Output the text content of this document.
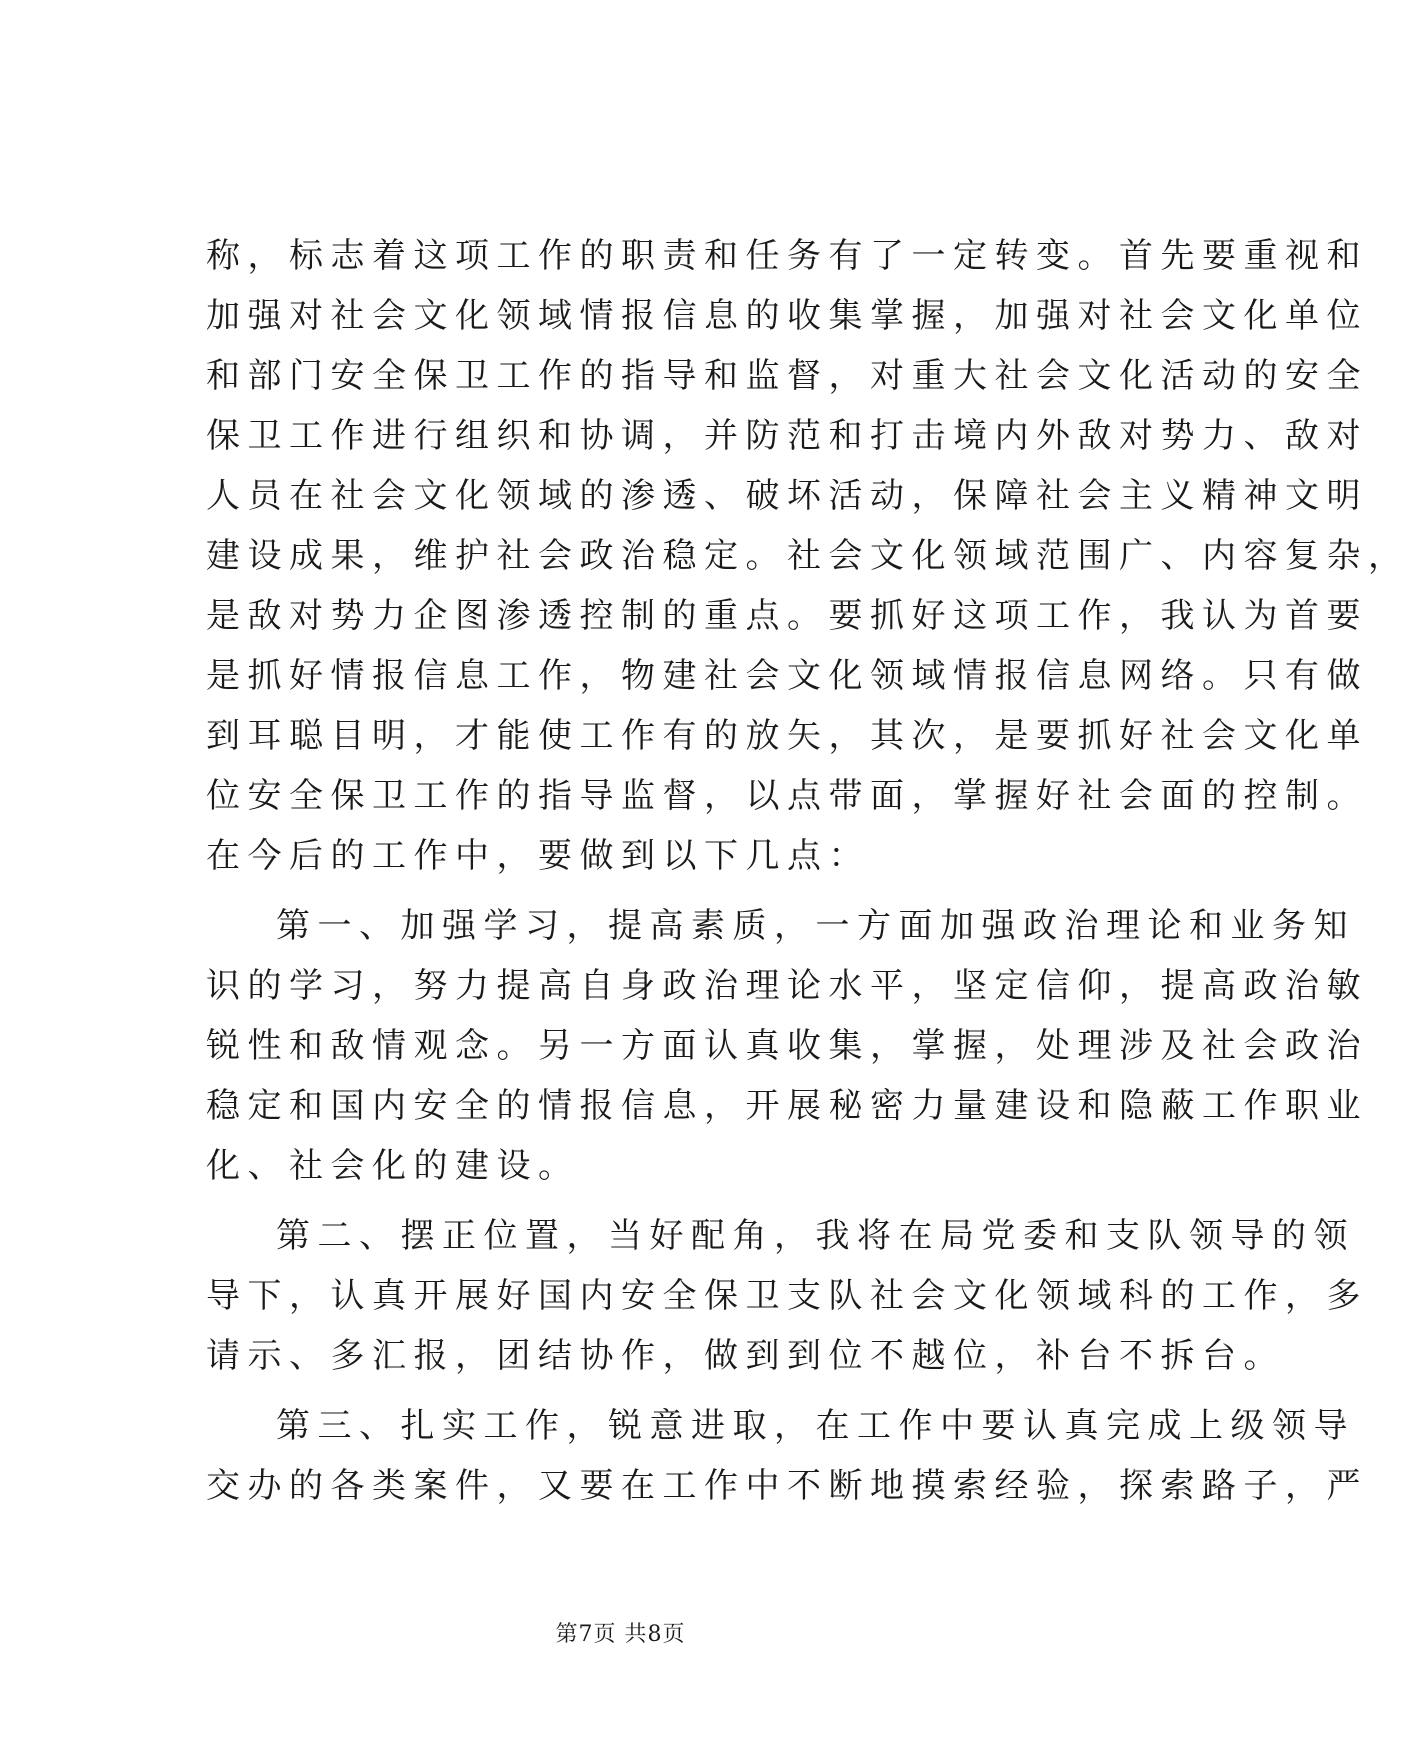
称，标志着这项工作的职责和任务有了一定转变。首先要重视和
加强对社会文化领域情报信息的收集掌握，加强对社会文化单位
和部门安全保卫工作的指导和监督，对重大社会文化活动的安全
保卫工作进行组织和协调，并防范和打击境内外敌对势力、敌对
人员在社会文化领域的渗透、破坏活动，保障社会主义精神文明
建设成果，维护社会政治稳定。社会文化领域范围广、内容复杂，
是敌对势力企图渗透控制的重点。要抓好这项工作，我认为首要
是抓好情报信息工作，物建社会文化领域情报信息网络。只有做
到耳聪目明，才能使工作有的放矢，其次，是要抓好社会文化单
位安全保卫工作的指导监督，以点带面，掌握好社会面的控制。
在今后的工作中，要做到以下几点：
第一、加强学习，提高素质，一方面加强政治理论和业务知
识的学习，努力提高自身政治理论水平，坚定信仰，提高政治敏
锐性和敌情观念。另一方面认真收集，掌握，处理涉及社会政治
稳定和国内安全的情报信息，开展秘密力量建设和隐蔽工作职业
化、社会化的建设。
第二、摆正位置，当好配角，我将在局党委和支队领导的领
导下，认真开展好国内安全保卫支队社会文化领域科的工作，多
请示、多汇报，团结协作，做到到位不越位，补台不拆台。
第三、扎实工作，锐意进取，在工作中要认真完成上级领导
交办的各类案件，又要在工作中不断地摸索经验，探索路子，严
第7页 共8页
